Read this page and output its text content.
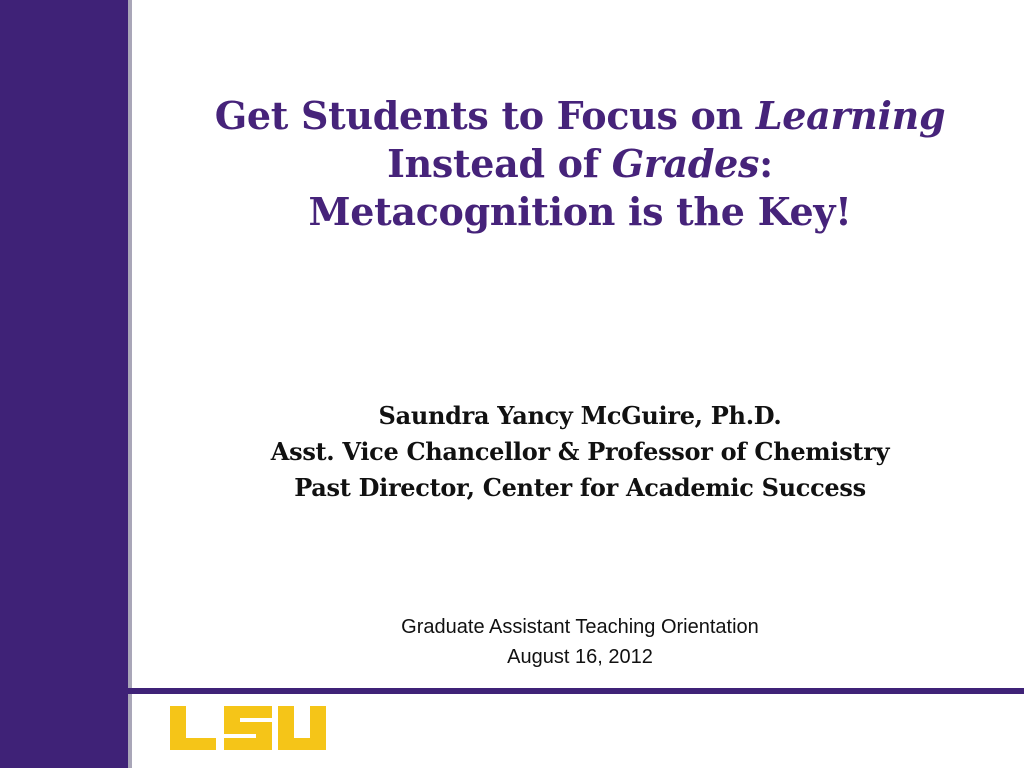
Get Students to Focus on Learning
Instead of Grades:
Metacognition is the Key!
Saundra Yancy McGuire, Ph.D.
Asst. Vice Chancellor & Professor of Chemistry
Past Director, Center for Academic Success
Graduate Assistant Teaching Orientation
August 16, 2012
